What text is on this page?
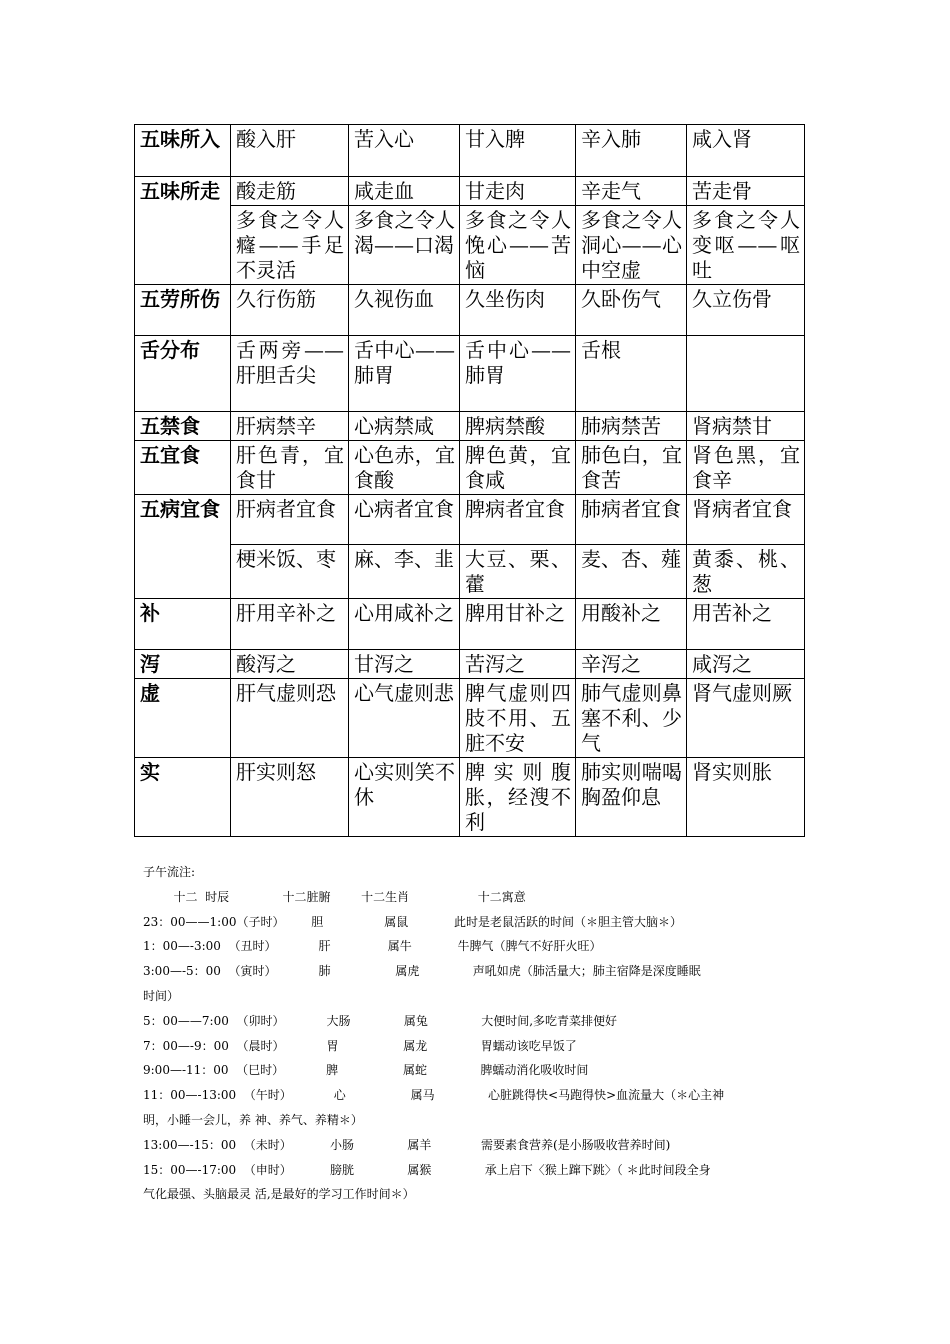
五味所入	酸入肝	苦入心	甘入脾	辛入肺	咸入肾
五味所走	酸走筋	咸走血	甘走肉	辛走气	苦走骨
	多食之令人癃——手足不灵活	多食之令人渴——口渴	多食之令人悗心——苦恼	多食之令人洞心——心中空虚	多食之令人变呕——呕吐
五劳所伤	久行伤筋	久视伤血	久坐伤肉	久卧伤气	久立伤骨
舌分布	舌两旁——肝胆舌尖	舌中心——肺胃	舌中心——肺胃	舌根	
五禁食	肝病禁辛	心病禁咸	脾病禁酸	肺病禁苦	肾病禁甘
五宜食	肝色青，宜食甘	心色赤，宜食酸	脾色黄，宜食咸	肺色白，宜食苦	肾色黑，宜食辛
五病宜食	肝病者宜食	心病者宜食	脾病者宜食	肺病者宜食	肾病者宜食
	梗米饭、枣	麻、李、韭	大豆、栗、藿	麦、杏、薤	黄黍、桃、葱
补	肝用辛补之	心用咸补之	脾用甘补之	用酸补之	用苦补之
泻	酸泻之	甘泻之	苦泻之	辛泻之	咸泻之
虚	肝气虚则恐	心气虚则悲	脾气虚则四肢不用、五脏不安	肺气虚则鼻塞不利、少气	肾气虚则厥
实	肝实则怒	心实则笑不休	脾实则腹胀，经溲不利	肺实则喘喝胸盈仰息	肾实则胀
子午流注:
十二  时辰              十二脏腑        十二生肖                  十二寓意
23：00——1:00（子时）       胆                属鼠            此时是老鼠活跃的时间（＊胆主管大脑＊）
1：00—-3:00  （丑时）           肝               属牛            牛脾气（脾气不好肝火旺）
3:00—-5：00  （寅时）           肺                 属虎              声吼如虎（肺活量大；肺主宿降是深度睡眠
时间）
5：00——7:00  （卯时）           大肠              属兔              大便时间,多吃青菜排便好
7：00—-9：00  （晨时）           胃                 属龙              胃蠕动该吃早饭了
9:00—-11：00  （巳时）           脾                 属蛇              脾蠕动消化吸收时间
11：00—-13:00  （午时）           心                 属马              心脏跳得快<马跑得快>血流量大（＊心主神
明，小睡一会儿，养 神、养气、养精＊）
13:00—-15：00  （未时）          小肠              属羊             需要素食营养(是小肠吸收营养时间)
15：00—-17:00  （申时）          膀胱              属猴              承上启下〈猴上蹿下跳〉（ ＊此时间段全身
气化最强、头脑最灵 活,是最好的学习工作时间＊）
